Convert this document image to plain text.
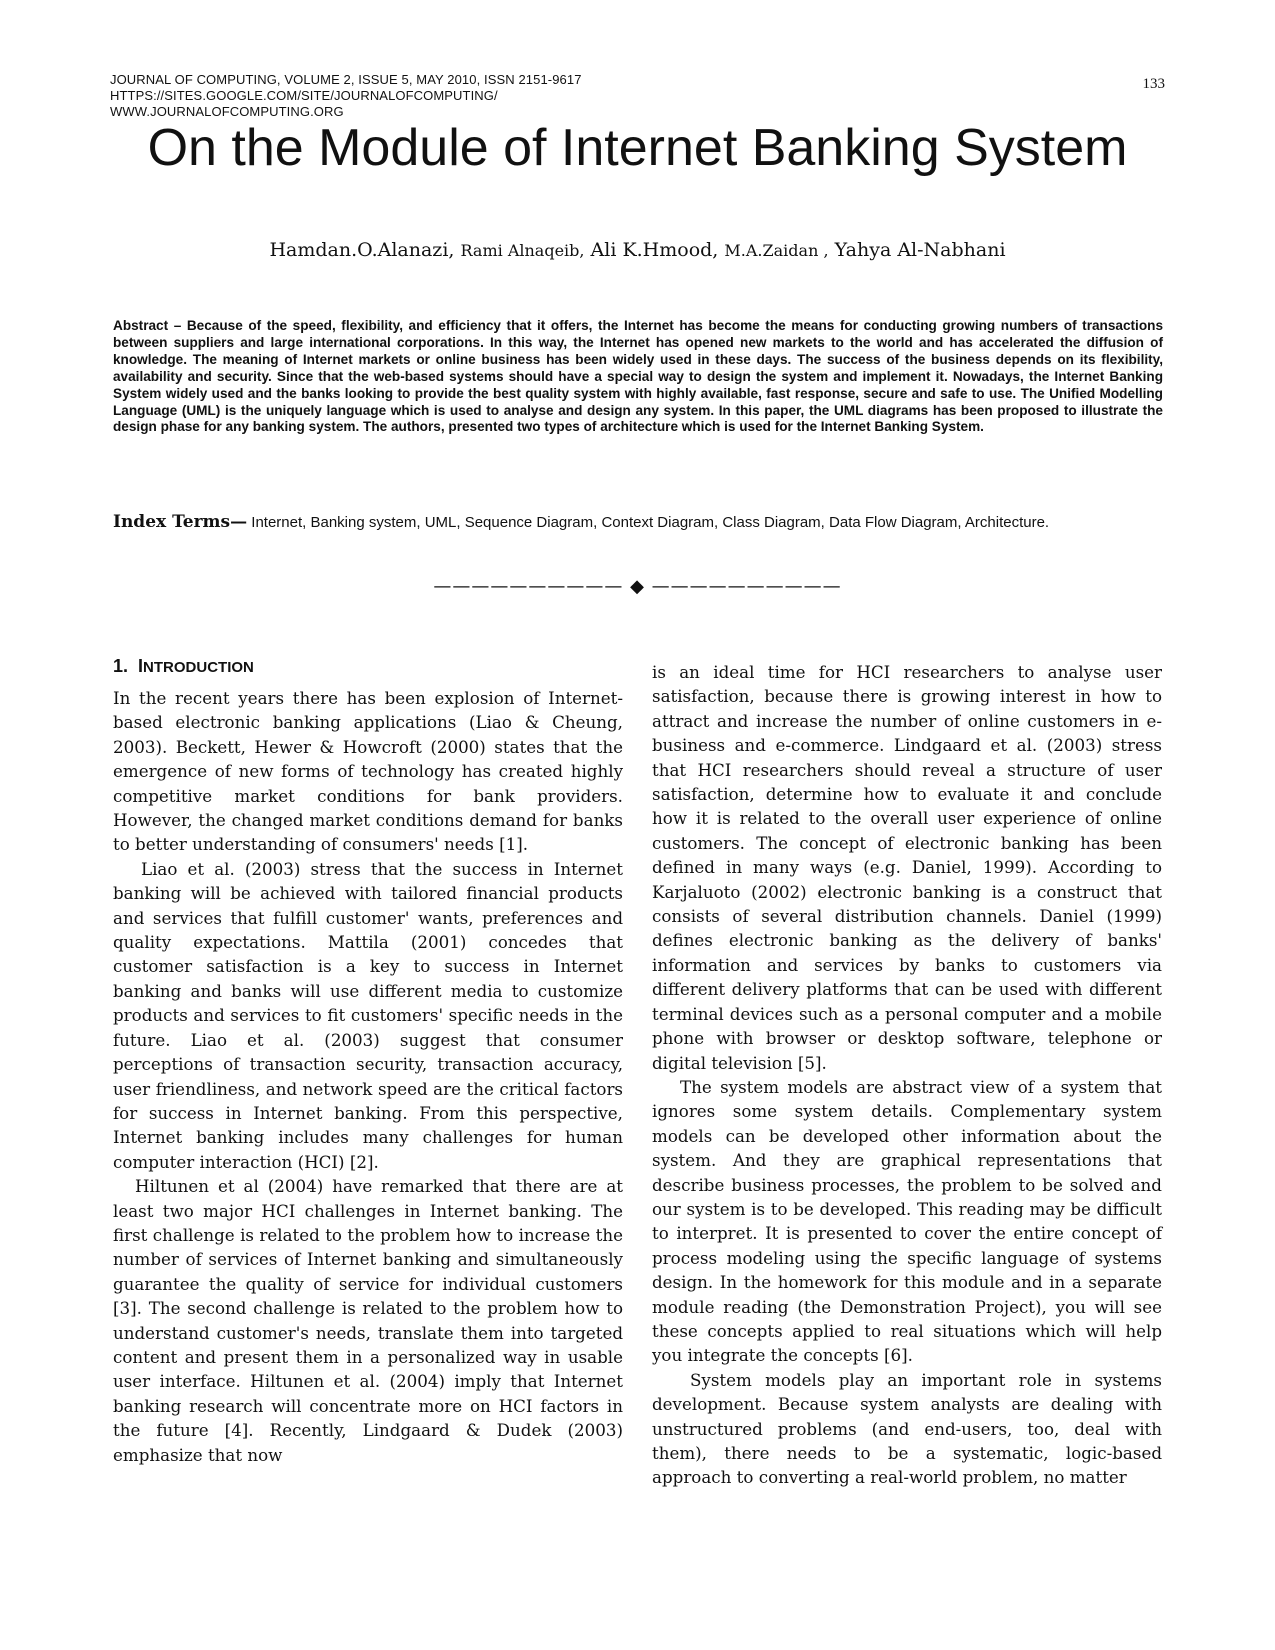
JOURNAL OF COMPUTING, VOLUME 2, ISSUE 5, MAY 2010, ISSN 2151-9617
HTTPS://SITES.GOOGLE.COM/SITE/JOURNALOFCOMPUTING/
WWW.JOURNALOFCOMPUTING.ORG
133
On the Module of Internet Banking System
Hamdan.O.Alanazi, Rami Alnaqeib, Ali K.Hmood, M.A.Zaidan , Yahya Al-Nabhani
Abstract – Because of the speed, flexibility, and efficiency that it offers, the Internet has become the means for conducting growing numbers of transactions between suppliers and large international corporations. In this way, the Internet has opened new markets to the world and has accelerated the diffusion of knowledge. The meaning of Internet markets or online business has been widely used in these days. The success of the business depends on its flexibility, availability and security. Since that the web-based systems should have a special way to design the system and implement it. Nowadays, the Internet Banking System widely used and the banks looking to provide the best quality system with highly available, fast response, secure and safe to use. The Unified Modelling Language (UML) is the uniquely language which is used to analyse and design any system. In this paper, the UML diagrams has been proposed to illustrate the design phase for any banking system. The authors, presented two types of architecture which is used for the Internet Banking System.
Index Terms— Internet, Banking system, UML, Sequence Diagram, Context Diagram, Class Diagram, Data Flow Diagram, Architecture.
—————————— ◆ ——————————
1. INTRODUCTION

In the recent years there has been explosion of Internet-based electronic banking applications (Liao & Cheung, 2003). Beckett, Hewer & Howcroft (2000) states that the emergence of new forms of technology has created highly competitive market conditions for bank providers. However, the changed market conditions demand for banks to better understanding of consumers' needs [1].

Liao et al. (2003) stress that the success in Internet banking will be achieved with tailored financial products and services that fulfill customer' wants, preferences and quality expectations. Mattila (2001) concedes that customer satisfaction is a key to success in Internet banking and banks will use different media to customize products and services to fit customers' specific needs in the future. Liao et al. (2003) suggest that consumer perceptions of transaction security, transaction accuracy, user friendliness, and network speed are the critical factors for success in Internet banking. From this perspective, Internet banking includes many challenges for human computer interaction (HCI) [2].

Hiltunen et al (2004) have remarked that there are at least two major HCI challenges in Internet banking. The first challenge is related to the problem how to increase the number of services of Internet banking and simultaneously guarantee the quality of service for individual customers [3]. The second challenge is related to the problem how to understand customer's needs, translate them into targeted content and present them in a personalized way in usable user interface. Hiltunen et al. (2004) imply that Internet banking research will concentrate more on HCI factors in the future [4]. Recently, Lindgaard & Dudek (2003) emphasize that now

is an ideal time for HCI researchers to analyse user satisfaction, because there is growing interest in how to attract and increase the number of online customers in e-business and e-commerce. Lindgaard et al. (2003) stress that HCI researchers should reveal a structure of user satisfaction, determine how to evaluate it and conclude how it is related to the overall user experience of online customers. The concept of electronic banking has been defined in many ways (e.g. Daniel, 1999). According to Karjaluoto (2002) electronic banking is a construct that consists of several distribution channels. Daniel (1999) defines electronic banking as the delivery of banks' information and services by banks to customers via different delivery platforms that can be used with different terminal devices such as a personal computer and a mobile phone with browser or desktop software, telephone or digital television [5].

The system models are abstract view of a system that ignores some system details. Complementary system models can be developed other information about the system. And they are graphical representations that describe business processes, the problem to be solved and our system is to be developed. This reading may be difficult to interpret. It is presented to cover the entire concept of process modeling using the specific language of systems design. In the homework for this module and in a separate module reading (the Demonstration Project), you will see these concepts applied to real situations which will help you integrate the concepts [6].

System models play an important role in systems development. Because system analysts are dealing with unstructured problems (and end-users, too, deal with them), there needs to be a systematic, logic-based approach to converting a real-world problem, no matter
